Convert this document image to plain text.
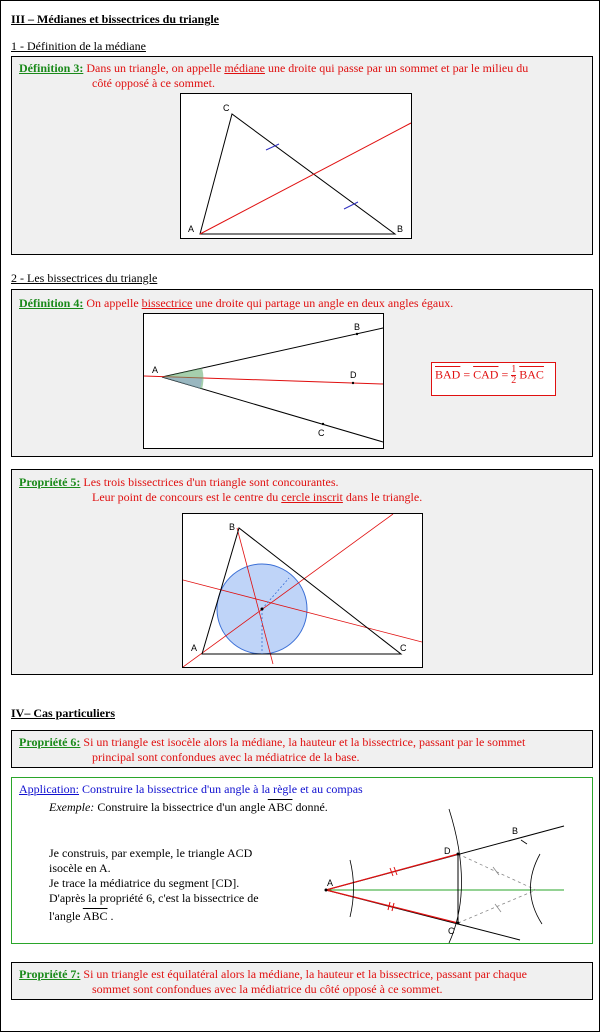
III – Médianes et bissectrices du triangle
1 - Définition de la médiane
Définition 3: Dans un triangle, on appelle médiane une droite qui passe par un sommet et par le milieu du
côté opposé à ce sommet.
A	B
C
2 - Les bissectrices du triangle
Définition 4: On appelle bissectrice une droite qui partage un angle en deux angles égaux.
A
B
C
D	$\overline{BAD} = \overline{CAD} = \frac{1}{2} \overline{BAC}$
Propriété 5: Les trois bissectrices d'un triangle sont concourantes.
Leur point de concours est le centre du cercle inscrit dans le triangle.
A
B
C
IV– Cas particuliers
Propriété 6: Si un triangle est isocèle alors la médiane, la hauteur et la bissectrice, passant par le sommet
principal sont confondues avec la médiatrice de la base.
Application: Construire la bissectrice d'un angle à la règle et au compas
Exemple: Construire la bissectrice d'un angle $\overline{ABC}$ donné.
Je construis, par exemple, le triangle ACD
isocèle en A.
Je trace la médiatrice du segment [CD].
D'après la propriété 6, c'est la bissectrice de
l'angle $\overline{ABC}$ .
A
B
C
D
Propriété 7: Si un triangle est équilatéral alors la médiane, la hauteur et la bissectrice, passant par chaque
sommet sont confondues avec la médiatrice du côté opposé à ce sommet.
